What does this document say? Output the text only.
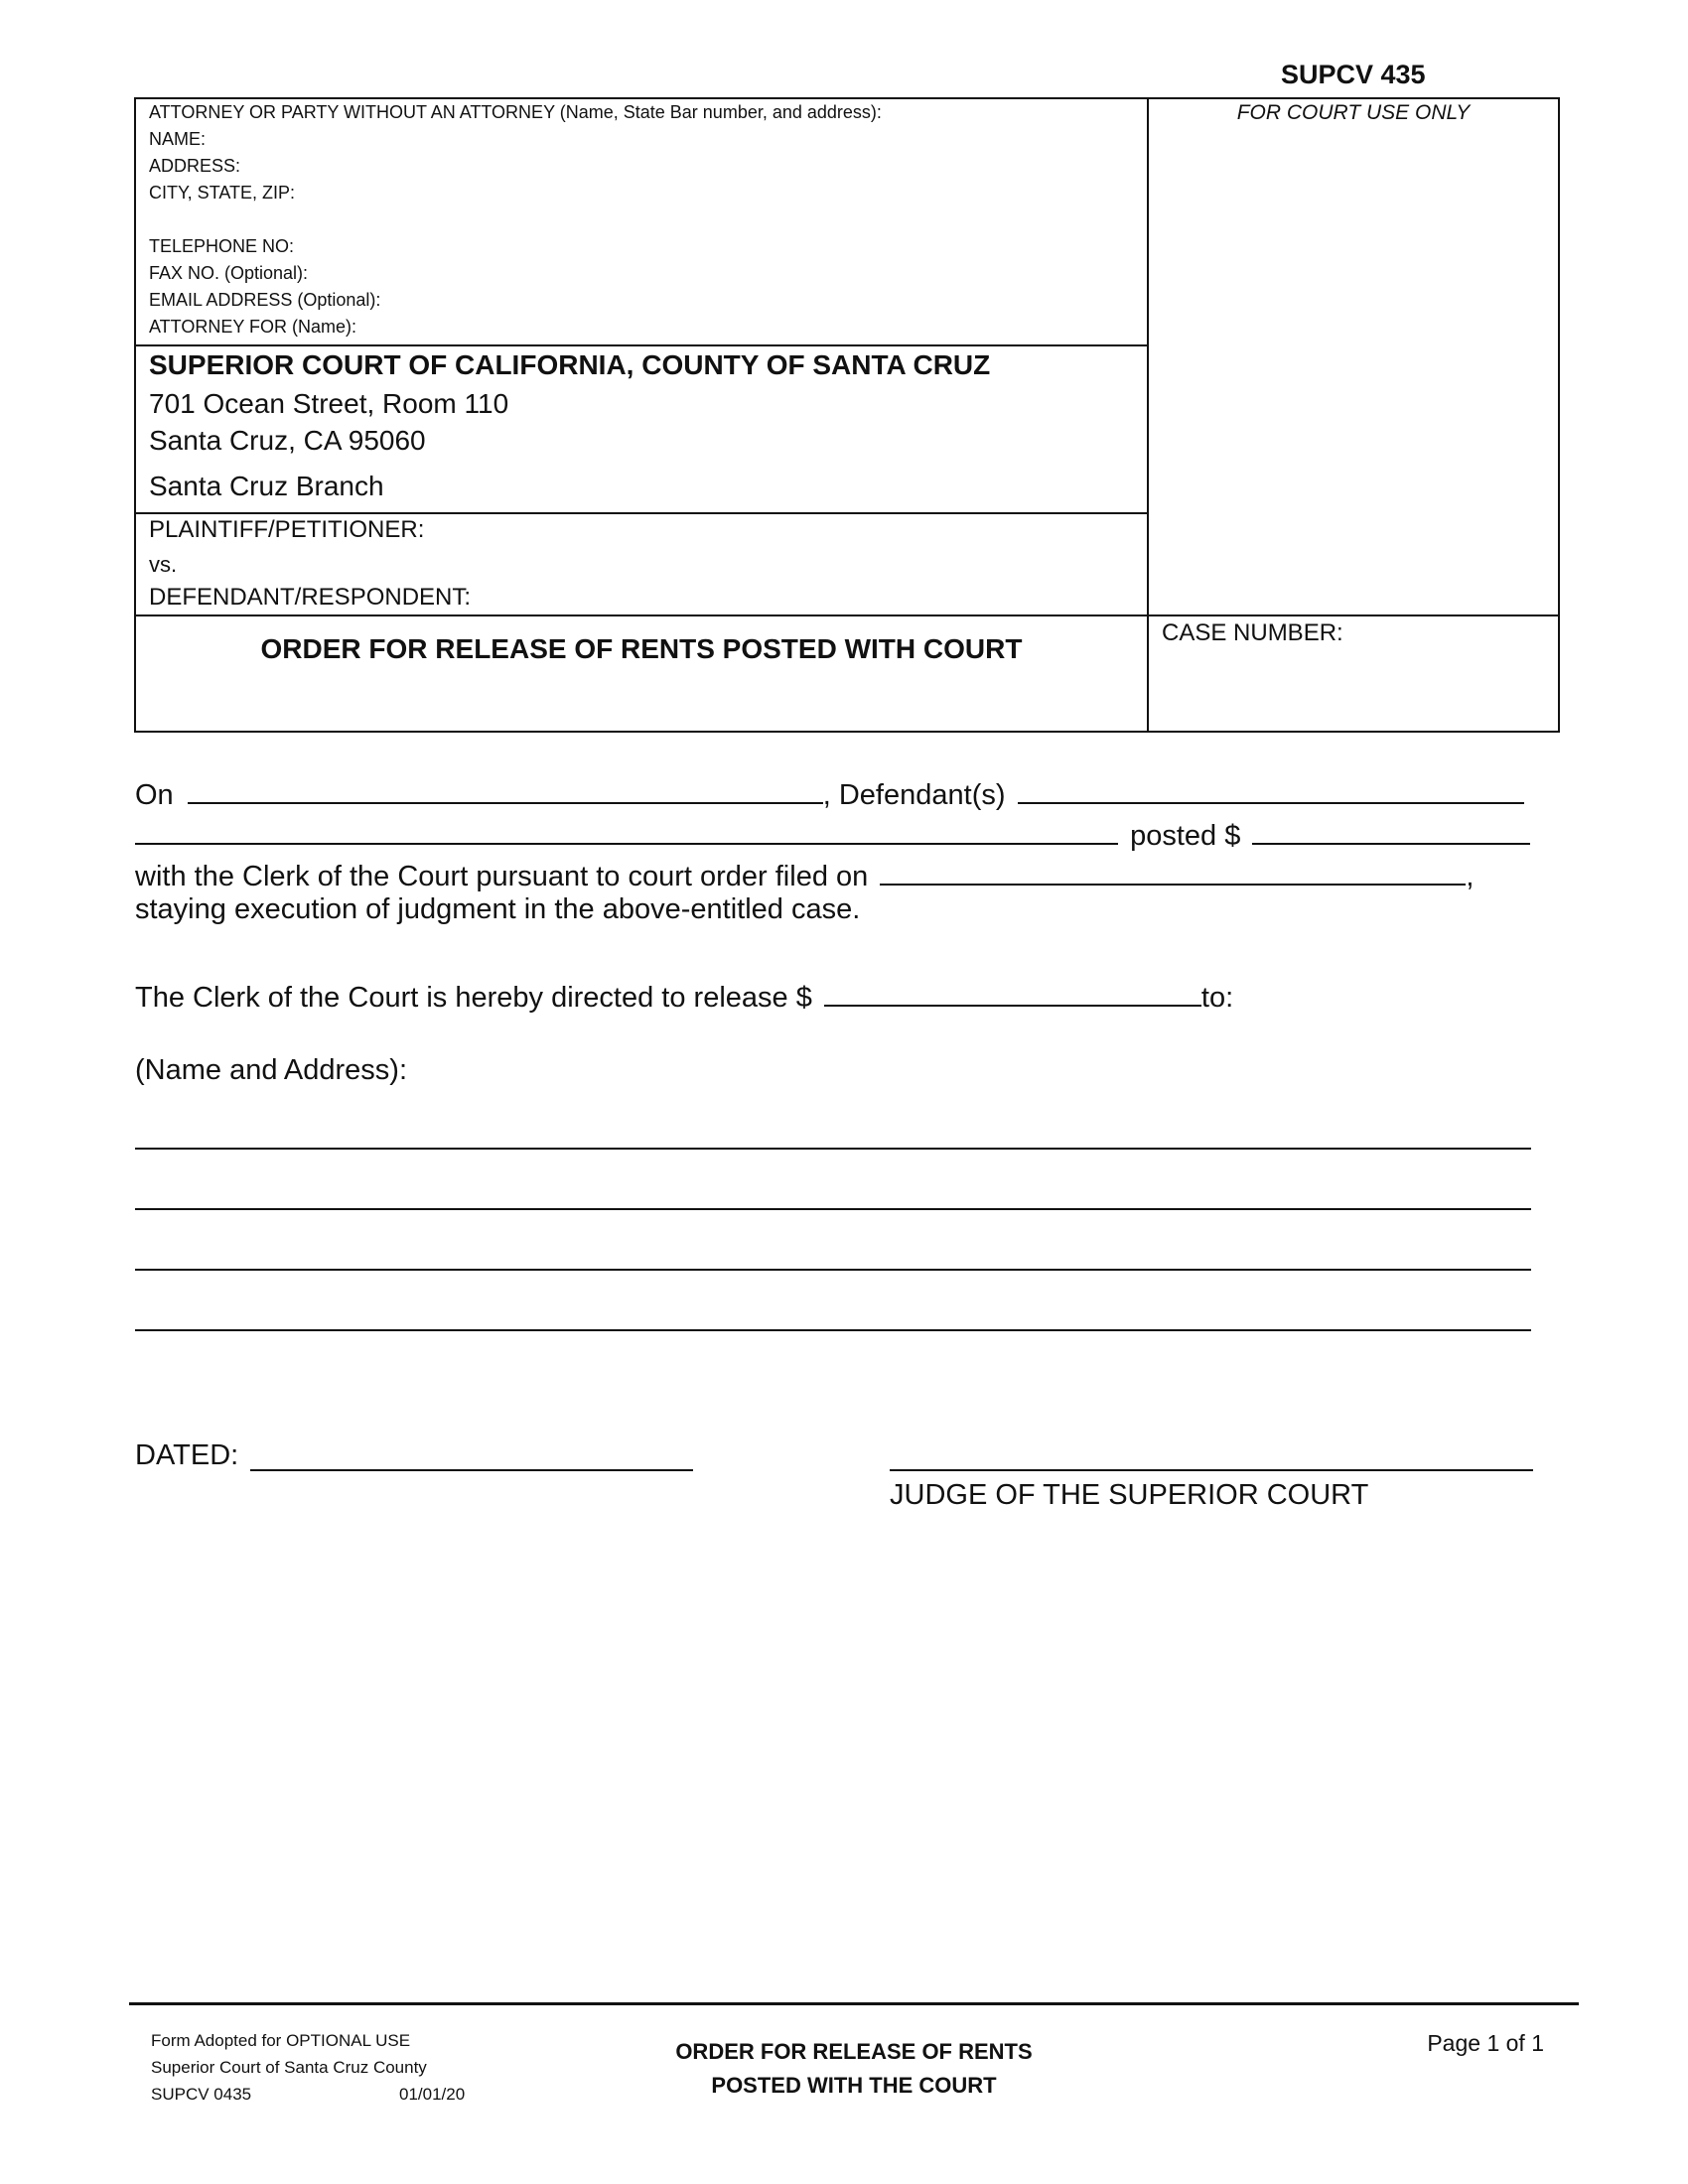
SUPCV 435
ATTORNEY OR PARTY WITHOUT AN ATTORNEY (Name, State Bar number, and address):
NAME:
ADDRESS:
CITY, STATE, ZIP:
TELEPHONE NO:
FAX NO. (Optional):
EMAIL ADDRESS (Optional):
ATTORNEY FOR (Name):
FOR COURT USE ONLY
SUPERIOR COURT OF CALIFORNIA, COUNTY OF SANTA CRUZ
701 Ocean Street, Room 110
Santa Cruz, CA 95060
Santa Cruz Branch
PLAINTIFF/PETITIONER:
vs.
DEFENDANT/RESPONDENT:
ORDER FOR RELEASE OF RENTS POSTED WITH COURT
CASE NUMBER:
On	, Defendant(s)
posted $
with the Clerk of the Court pursuant to court order filed on	,
staying execution of judgment in the above-entitled case.
The Clerk of the Court is hereby directed to release $	to:
(Name and Address):
DATED:
JUDGE OF THE SUPERIOR COURT
Form Adopted for OPTIONAL USE
Superior Court of Santa Cruz County
SUPCV 0435	01/01/20
ORDER FOR RELEASE OF RENTS
POSTED WITH THE COURT
Page 1 of 1
